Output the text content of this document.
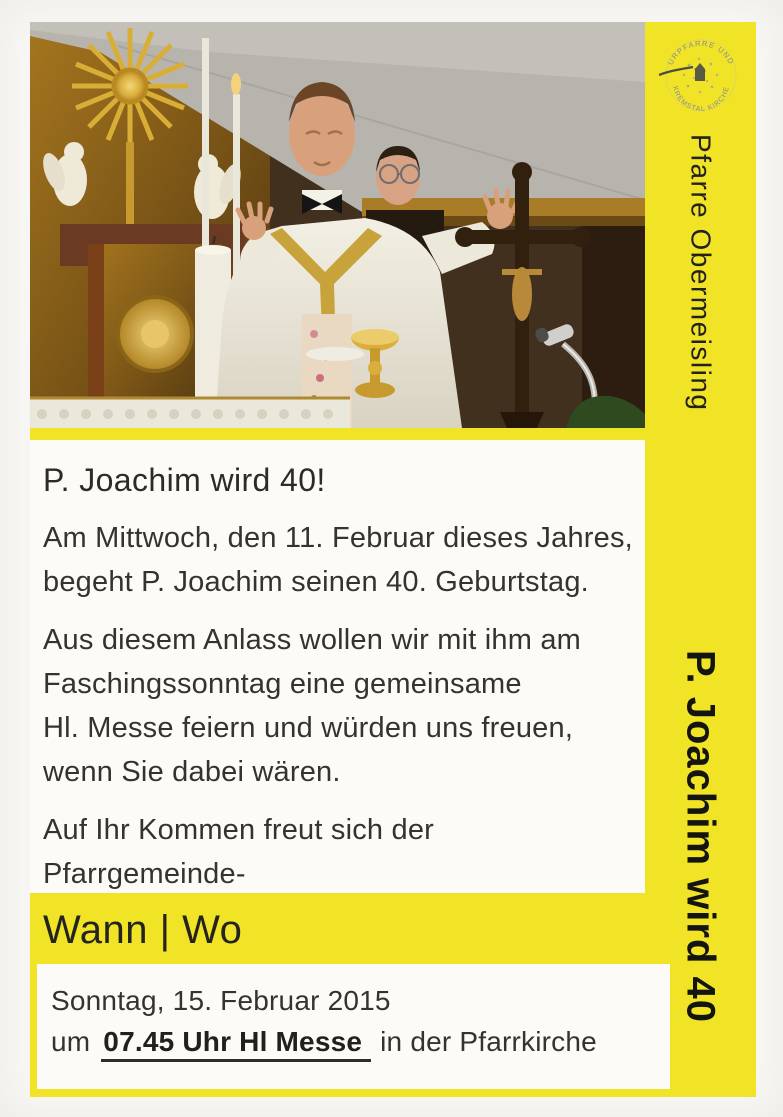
URPFARRE UND
KREMSTAL KIRCHE
Pfarre Obermeisling
P. Joachim wird 40
P. Joachim wird 40!
Am Mittwoch, den 11. Februar dieses Jahres,
begeht P. Joachim seinen 40. Geburtstag.
Aus diesem Anlass wollen wir mit ihm am
Faschingssonntag eine gemeinsame
Hl. Messe feiern und würden uns freuen,
wenn Sie dabei wären.
Auf Ihr Kommen freut sich der Pfarrgemeinde-
Wann | Wo
Sonntag, 15. Februar 2015
um 07.45 Uhr Hl Messe in der Pfarrkirche
